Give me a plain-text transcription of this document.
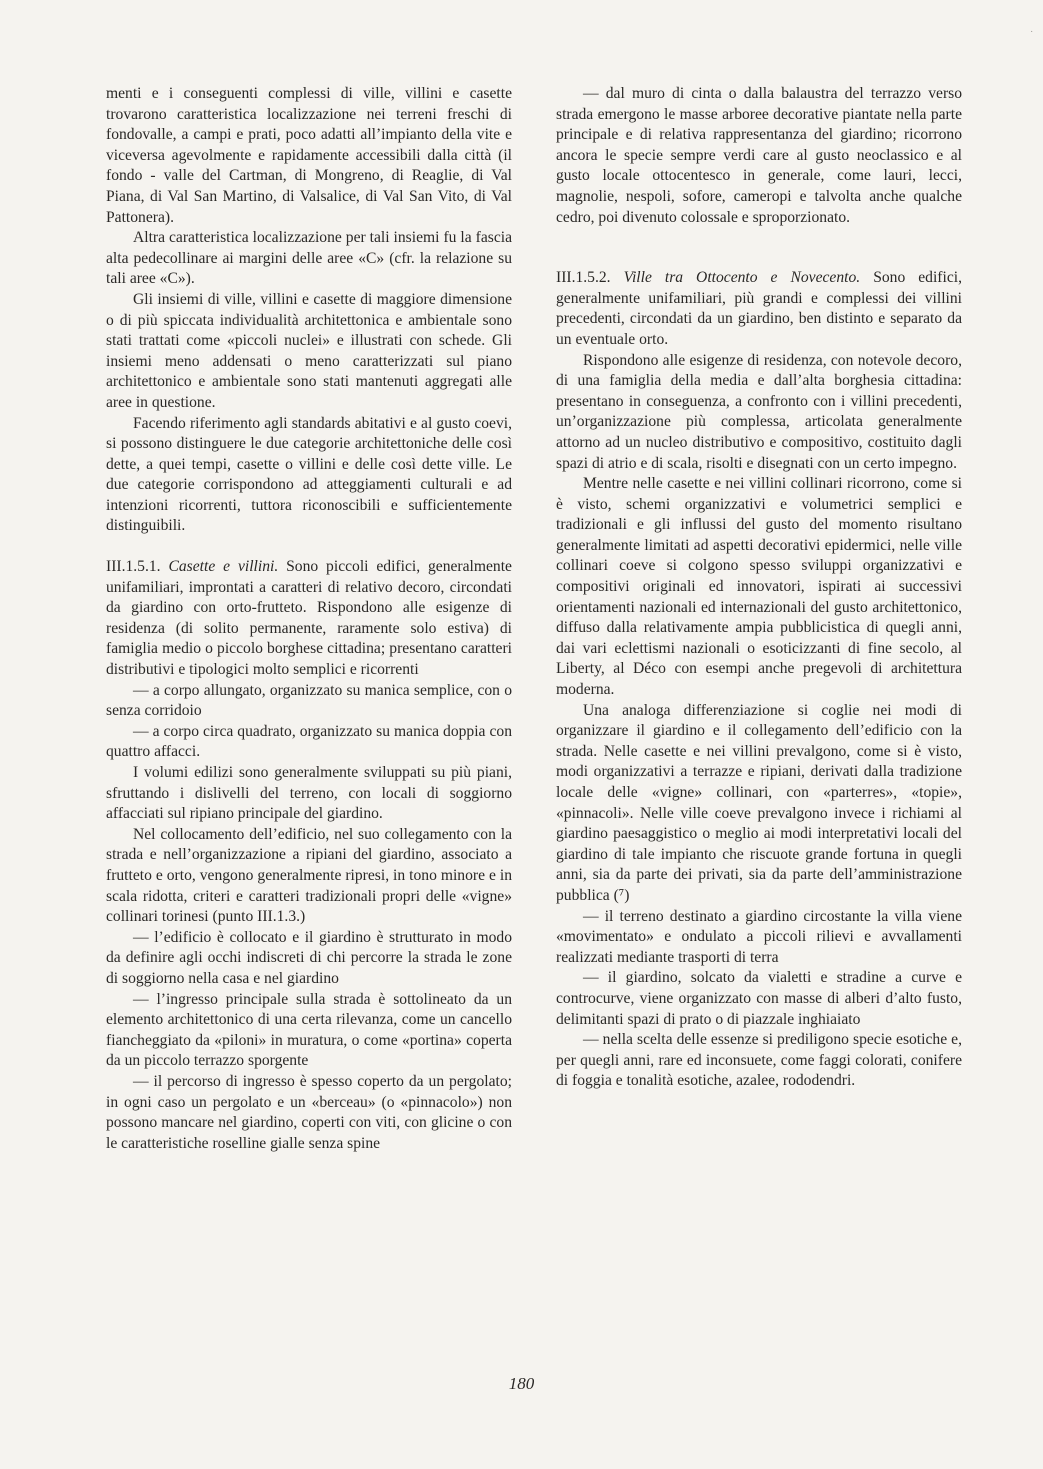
menti e i conseguenti complessi di ville, villini e casette trovarono caratteristica localizzazione nei terreni freschi di fondovalle, a campi e prati, poco adatti all’impianto della vite e viceversa agevolmente e rapidamente accessibili dalla città (il fondo - valle del Cartman, di Mongreno, di Reaglie, di Val Piana, di Val San Martino, di Valsalice, di Val San Vito, di Val Pattonera).

Altra caratteristica localizzazione per tali insiemi fu la fascia alta pedecollinare ai margini delle aree «C» (cfr. la relazione su tali aree «C»).

Gli insiemi di ville, villini e casette di maggiore dimensione o di più spiccata individualità architettonica e ambientale sono stati trattati come «piccoli nuclei» e illustrati con schede. Gli insiemi meno addensati o meno caratterizzati sul piano architettonico e ambientale sono stati mantenuti aggregati alle aree in questione.

Facendo riferimento agli standards abitativi e al gusto coevi, si possono distinguere le due categorie architettoniche delle così dette, a quei tempi, casette o villini e delle così dette ville. Le due categorie corrispondono ad atteggiamenti culturali e ad intenzioni ricorrenti, tuttora riconoscibili e sufficientemente distinguibili.

III.1.5.1. Casette e villini. Sono piccoli edifici, generalmente unifamiliari, improntati a caratteri di relativo decoro, circondati da giardino con orto-frutteto. Rispondono alle esigenze di residenza (di solito permanente, raramente solo estiva) di famiglia medio o piccolo borghese cittadina; presentano caratteri distributivi e tipologici molto semplici e ricorrenti

— a corpo allungato, organizzato su manica semplice, con o senza corridoio

— a corpo circa quadrato, organizzato su manica doppia con quattro affacci.

I volumi edilizi sono generalmente sviluppati su più piani, sfruttando i dislivelli del terreno, con locali di soggiorno affacciati sul ripiano principale del giardino.

Nel collocamento dell’edificio, nel suo collegamento con la strada e nell’organizzazione a ripiani del giardino, associato a frutteto e orto, vengono generalmente ripresi, in tono minore e in scala ridotta, criteri e caratteri tradizionali propri delle «vigne» collinari torinesi (punto III.1.3.)

— l’edificio è collocato e il giardino è strutturato in modo da definire agli occhi indiscreti di chi percorre la strada le zone di soggiorno nella casa e nel giardino

— l’ingresso principale sulla strada è sottolineato da un elemento architettonico di una certa rilevanza, come un cancello fiancheggiato da «piloni» in muratura, o come «portina» coperta da un piccolo terrazzo sporgente

— il percorso di ingresso è spesso coperto da un pergolato; in ogni caso un pergolato e un «berceau» (o «pinnacolo») non possono mancare nel giardino, coperti con viti, con glicine o con le caratteristiche roselline gialle senza spine

— dal muro di cinta o dalla balaustra del terrazzo verso strada emergono le masse arboree decorative piantate nella parte principale e di relativa rappresentanza del giardino; ricorrono ancora le specie sempre verdi care al gusto neoclassico e al gusto locale ottocentesco in generale, come lauri, lecci, magnolie, nespoli, sofore, cameropi e talvolta anche qualche cedro, poi divenuto colossale e sproporzionato.

III.1.5.2. Ville tra Ottocento e Novecento. Sono edifici, generalmente unifamiliari, più grandi e complessi dei villini precedenti, circondati da un giardino, ben distinto e separato da un eventuale orto.

Rispondono alle esigenze di residenza, con notevole decoro, di una famiglia della media e dall’alta borghesia cittadina: presentano in conseguenza, a confronto con i villini precedenti, un’organizzazione più complessa, articolata generalmente attorno ad un nucleo distributivo e compositivo, costituito dagli spazi di atrio e di scala, risolti e disegnati con un certo impegno.

Mentre nelle casette e nei villini collinari ricorrono, come si è visto, schemi organizzativi e volumetrici semplici e tradizionali e gli influssi del gusto del momento risultano generalmente limitati ad aspetti decorativi epidermici, nelle ville collinari coeve si colgono spesso sviluppi organizzativi e compositivi originali ed innovatori, ispirati ai successivi orientamenti nazionali ed internazionali del gusto architettonico, diffuso dalla relativamente ampia pubblicistica di quegli anni, dai vari eclettismi nazionali o esoticizzanti di fine secolo, al Liberty, al Déco con esempi anche pregevoli di architettura moderna.

Una analoga differenziazione si coglie nei modi di organizzare il giardino e il collegamento dell’edificio con la strada. Nelle casette e nei villini prevalgono, come si è visto, modi organizzativi a terrazze e ripiani, derivati dalla tradizione locale delle «vigne» collinari, con «parterres», «topie», «pinnacoli». Nelle ville coeve prevalgono invece i richiami al giardino paesaggistico o meglio ai modi interpretativi locali del giardino di tale impianto che riscuote grande fortuna in quegli anni, sia da parte dei privati, sia da parte dell’amministrazione pubblica (⁷)

— il terreno destinato a giardino circostante la villa viene «movimentato» e ondulato a piccoli rilievi e avvallamenti realizzati mediante trasporti di terra

— il giardino, solcato da vialetti e stradine a curve e controcurve, viene organizzato con masse di alberi d’alto fusto, delimitanti spazi di prato o di piazzale inghiaiato

— nella scelta delle essenze si prediligono specie esotiche e, per quegli anni, rare ed inconsuete, come faggi colorati, conifere di foggia e tonalità esotiche, azalee, rododendri.

180
˙
